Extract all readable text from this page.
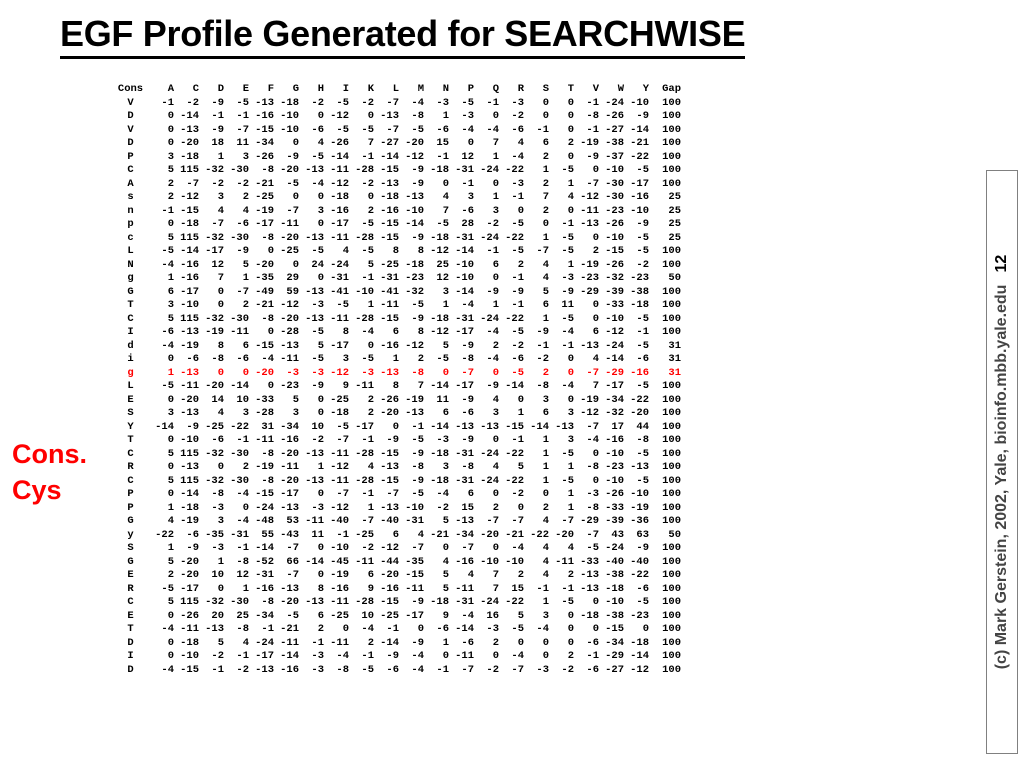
EGF Profile Generated for SEARCHWISE
Cons.
Cys
Cons	A	C	D	E	F	G	H	I	K	L	M	N	P	Q	R	S	T	V	W	Y	Gap
V	-1	-2	-9	-5	-13	-18	-2	-5	-2	-7	-4	-3	-5	-1	-3	0	0	-1	-24	-10	100
D	0	-14	-1	-1	-16	-10	0	-12	0	-13	-8	1	-3	0	-2	0	0	-8	-26	-9	100
V	0	-13	-9	-7	-15	-10	-6	-5	-5	-7	-5	-6	-4	-4	-6	-1	0	-1	-27	-14	100
D	0	-20	18	11	-34	0	4	-26	7	-27	-20	15	0	7	4	6	2	-19	-38	-21	100
P	3	-18	1	3	-26	-9	-5	-14	-1	-14	-12	-1	12	1	-4	2	0	-9	-37	-22	100
C	5	115	-32	-30	-8	-20	-13	-11	-28	-15	-9	-18	-31	-24	-22	1	-5	0	-10	-5	100
A	2	-7	-2	-2	-21	-5	-4	-12	-2	-13	-9	0	-1	0	-3	2	1	-7	-30	-17	100
s	2	-12	3	2	-25	0	0	-18	0	-18	-13	4	3	1	-1	7	4	-12	-30	-16	25
n	-1	-15	4	4	-19	-7	3	-16	2	-16	-10	7	-6	3	0	2	0	-11	-23	-10	25
p	0	-18	-7	-6	-17	-11	0	-17	-5	-15	-14	-5	28	-2	-5	0	-1	-13	-26	-9	25
c	5	115	-32	-30	-8	-20	-13	-11	-28	-15	-9	-18	-31	-24	-22	1	-5	0	-10	-5	25
L	-5	-14	-17	-9	0	-25	-5	4	-5	8	8	-12	-14	-1	-5	-7	-5	2	-15	-5	100
N	-4	-16	12	5	-20	0	24	-24	5	-25	-18	25	-10	6	2	4	1	-19	-26	-2	100
g	1	-16	7	1	-35	29	0	-31	-1	-31	-23	12	-10	0	-1	4	-3	-23	-32	-23	50
G	6	-17	0	-7	-49	59	-13	-41	-10	-41	-32	3	-14	-9	-9	5	-9	-29	-39	-38	100
T	3	-10	0	2	-21	-12	-3	-5	1	-11	-5	1	-4	1	-1	6	11	0	-33	-18	100
C	5	115	-32	-30	-8	-20	-13	-11	-28	-15	-9	-18	-31	-24	-22	1	-5	0	-10	-5	100
I	-6	-13	-19	-11	0	-28	-5	8	-4	6	8	-12	-17	-4	-5	-9	-4	6	-12	-1	100
d	-4	-19	8	6	-15	-13	5	-17	0	-16	-12	5	-9	2	-2	-1	-1	-13	-24	-5	31
i	0	-6	-8	-6	-4	-11	-5	3	-5	1	2	-5	-8	-4	-6	-2	0	4	-14	-6	31
g	1	-13	0	0	-20	-3	-3	-12	-3	-13	-8	0	-7	0	-5	2	0	-7	-29	-16	31
L	-5	-11	-20	-14	0	-23	-9	9	-11	8	7	-14	-17	-9	-14	-8	-4	7	-17	-5	100
E	0	-20	14	10	-33	5	0	-25	2	-26	-19	11	-9	4	0	3	0	-19	-34	-22	100
S	3	-13	4	3	-28	3	0	-18	2	-20	-13	6	-6	3	1	6	3	-12	-32	-20	100
Y	-14	-9	-25	-22	31	-34	10	-5	-17	0	-1	-14	-13	-13	-15	-14	-13	-7	17	44	100
T	0	-10	-6	-1	-11	-16	-2	-7	-1	-9	-5	-3	-9	0	-1	1	3	-4	-16	-8	100
C	5	115	-32	-30	-8	-20	-13	-11	-28	-15	-9	-18	-31	-24	-22	1	-5	0	-10	-5	100
R	0	-13	0	2	-19	-11	1	-12	4	-13	-8	3	-8	4	5	1	1	-8	-23	-13	100
C	5	115	-32	-30	-8	-20	-13	-11	-28	-15	-9	-18	-31	-24	-22	1	-5	0	-10	-5	100
P	0	-14	-8	-4	-15	-17	0	-7	-1	-7	-5	-4	6	0	-2	0	1	-3	-26	-10	100
P	1	-18	-3	0	-24	-13	-3	-12	1	-13	-10	-2	15	2	0	2	1	-8	-33	-19	100
G	4	-19	3	-4	-48	53	-11	-40	-7	-40	-31	5	-13	-7	-7	4	-7	-29	-39	-36	100
y	-22	-6	-35	-31	55	-43	11	-1	-25	6	4	-21	-34	-20	-21	-22	-20	-7	43	63	50
S	1	-9	-3	-1	-14	-7	0	-10	-2	-12	-7	0	-7	0	-4	4	4	-5	-24	-9	100
G	5	-20	1	-8	-52	66	-14	-45	-11	-44	-35	4	-16	-10	-10	4	-11	-33	-40	-40	100
E	2	-20	10	12	-31	-7	0	-19	6	-20	-15	5	4	7	2	4	2	-13	-38	-22	100
R	-5	-17	0	1	-16	-13	8	-16	9	-16	-11	5	-11	7	15	-1	-1	-13	-18	-6	100
C	5	115	-32	-30	-8	-20	-13	-11	-28	-15	-9	-18	-31	-24	-22	1	-5	0	-10	-5	100
E	0	-26	20	25	-34	-5	6	-25	10	-25	-17	9	-4	16	5	3	0	-18	-38	-23	100
T	-4	-11	-13	-8	-1	-21	2	0	-4	-1	0	-6	-14	-3	-5	-4	0	0	-15	0	100
D	0	-18	5	4	-24	-11	-1	-11	2	-14	-9	1	-6	2	0	0	0	-6	-34	-18	100
I	0	-10	-2	-1	-17	-14	-3	-4	-1	-9	-4	0	-11	0	-4	0	2	-1	-29	-14	100
D	-4	-15	-1	-2	-13	-16	-3	-8	-5	-6	-4	-1	-7	-2	-7	-3	-2	-6	-27	-12	100
(c) Mark Gerstein, 2002, Yale, bioinfo.mbb.yale.edu12
